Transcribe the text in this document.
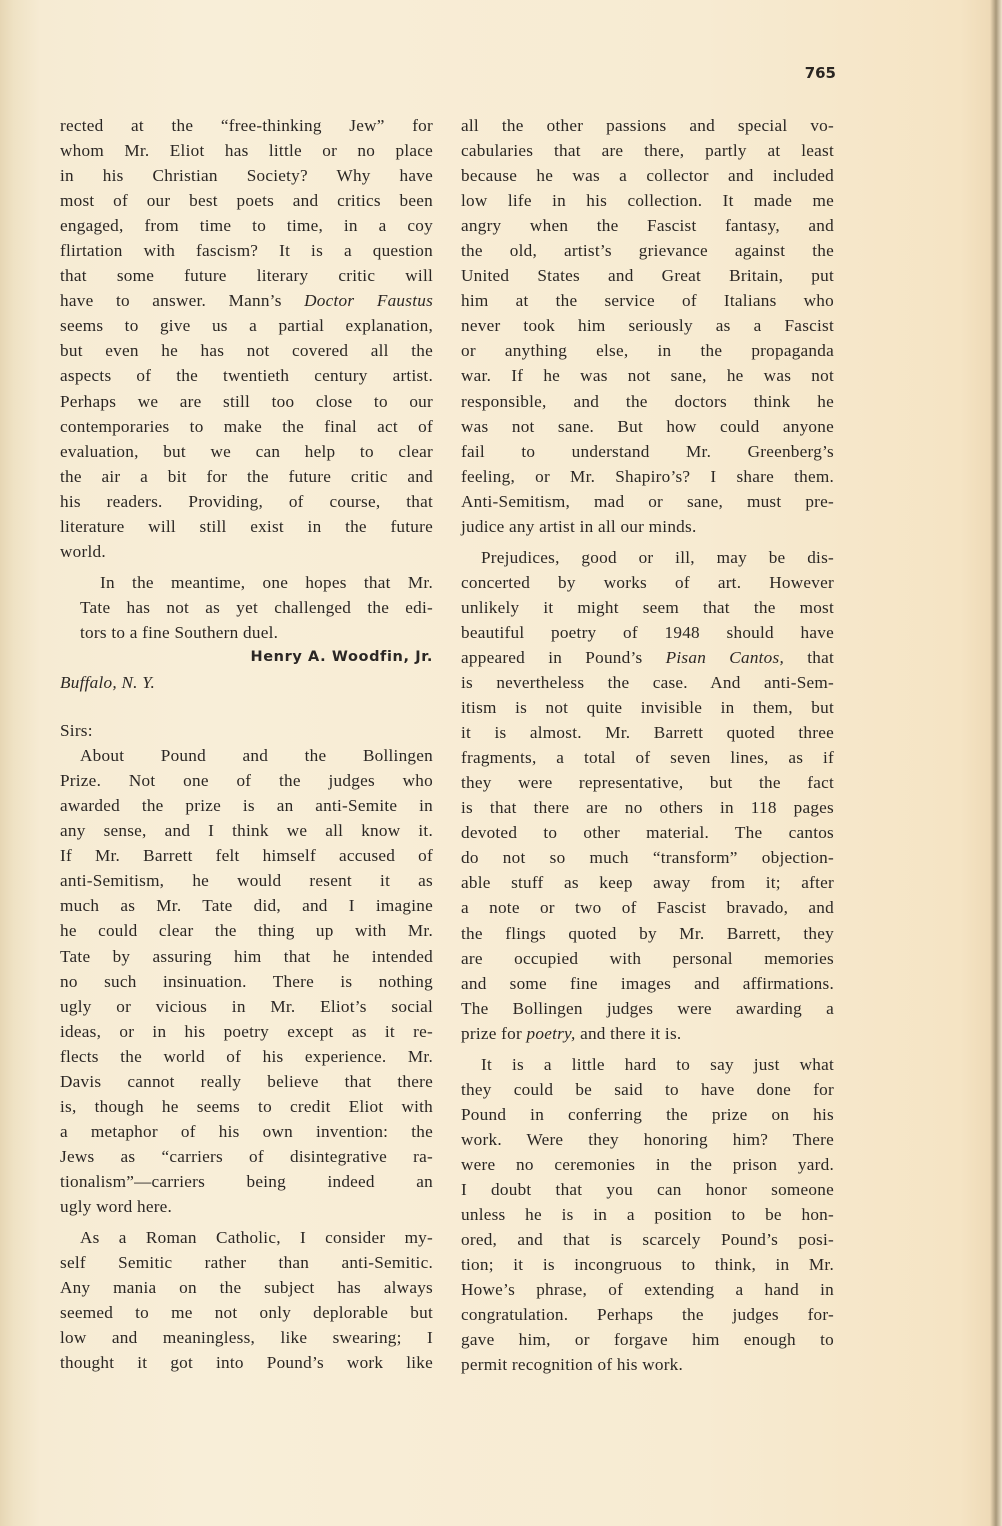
765

rected at the “free-thinking Jew” for
whom Mr. Eliot has little or no place
in his Christian Society? Why have
most of our best poets and critics been
engaged, from time to time, in a coy
flirtation with fascism? It is a question
that some future literary critic will
have to answer. Mann’s Doctor Faustus
seems to give us a partial explanation,
but even he has not covered all the
aspects of the twentieth century artist.
Perhaps we are still too close to our
contemporaries to make the final act of
evaluation, but we can help to clear
the air a bit for the future critic and
his readers. Providing, of course, that
literature will still exist in the future
world.

In the meantime, one hopes that Mr.
Tate has not as yet challenged the edi-
tors to a fine Southern duel.

Henry A. Woodfin, Jr.
Buffalo, N. Y.
Sirs:

About Pound and the Bollingen
Prize. Not one of the judges who
awarded the prize is an anti-Semite in
any sense, and I think we all know it.
If Mr. Barrett felt himself accused of
anti-Semitism, he would resent it as
much as Mr. Tate did, and I imagine
he could clear the thing up with Mr.
Tate by assuring him that he intended
no such insinuation. There is nothing
ugly or vicious in Mr. Eliot’s social
ideas, or in his poetry except as it re-
flects the world of his experience. Mr.
Davis cannot really believe that there
is, though he seems to credit Eliot with
a metaphor of his own invention: the
Jews as “carriers of disintegrative ra-
tionalism”—carriers being indeed an
ugly word here.

As a Roman Catholic, I consider my-
self Semitic rather than anti-Semitic.
Any mania on the subject has always
seemed to me not only deplorable but
low and meaningless, like swearing; I
thought it got into Pound’s work like

all the other passions and special vo-
cabularies that are there, partly at least
because he was a collector and included
low life in his collection. It made me
angry when the Fascist fantasy, and
the old, artist’s grievance against the
United States and Great Britain, put
him at the service of Italians who
never took him seriously as a Fascist
or anything else, in the propaganda
war. If he was not sane, he was not
responsible, and the doctors think he
was not sane. But how could anyone
fail to understand Mr. Greenberg’s
feeling, or Mr. Shapiro’s? I share them.
Anti-Semitism, mad or sane, must pre-
judice any artist in all our minds.

Prejudices, good or ill, may be dis-
concerted by works of art. However
unlikely it might seem that the most
beautiful poetry of 1948 should have
appeared in Pound’s Pisan Cantos, that
is nevertheless the case. And anti-Sem-
itism is not quite invisible in them, but
it is almost. Mr. Barrett quoted three
fragments, a total of seven lines, as if
they were representative, but the fact
is that there are no others in 118 pages
devoted to other material. The cantos
do not so much “transform” objection-
able stuff as keep away from it; after
a note or two of Fascist bravado, and
the flings quoted by Mr. Barrett, they
are occupied with personal memories
and some fine images and affirmations.
The Bollingen judges were awarding a
prize for poetry, and there it is.

It is a little hard to say just what
they could be said to have done for
Pound in conferring the prize on his
work. Were they honoring him? There
were no ceremonies in the prison yard.
I doubt that you can honor someone
unless he is in a position to be hon-
ored, and that is scarcely Pound’s posi-
tion; it is incongruous to think, in Mr.
Howe’s phrase, of extending a hand in
congratulation. Perhaps the judges for-
gave him, or forgave him enough to
permit recognition of his work.
